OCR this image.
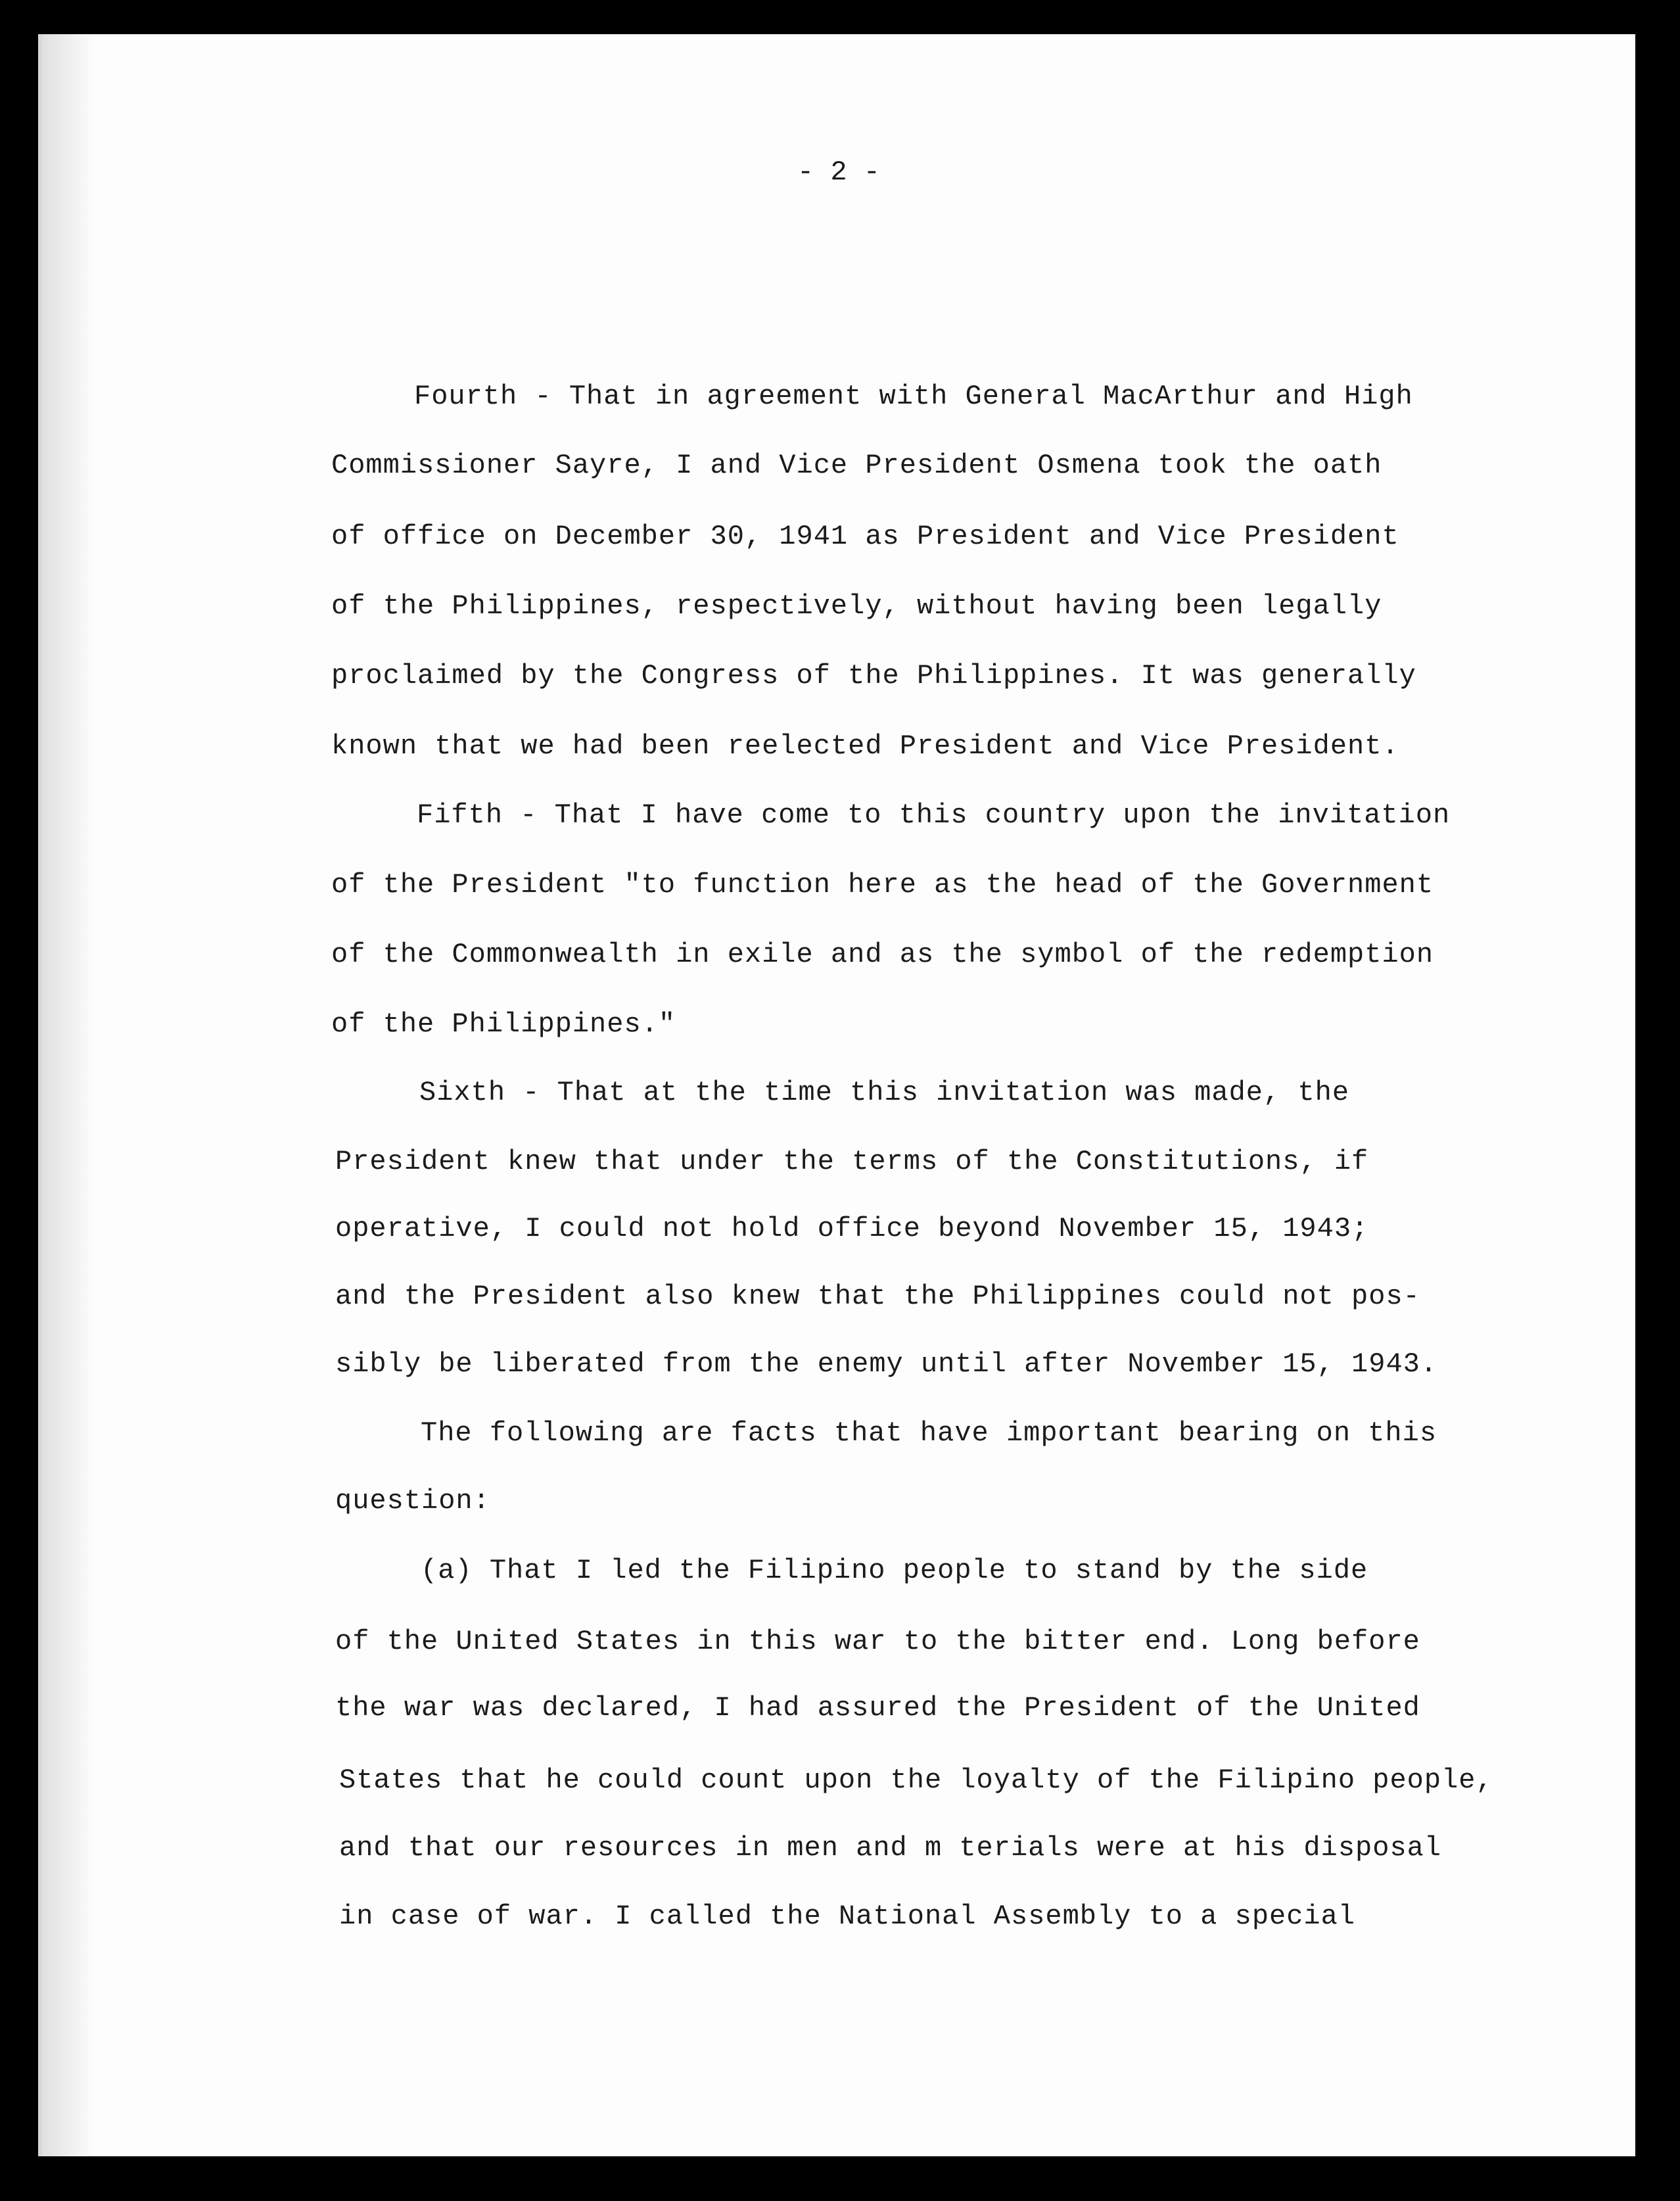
- 2 -
Fourth - That in agreement with General MacArthur and High
Commissioner Sayre, I and Vice President Osmena took the oath
of office on December 30, 1941 as President and Vice President
of the Philippines, respectively, without having been legally
proclaimed by the Congress of the Philippines. It was generally
known that we had been reelected President and Vice President.
Fifth - That I have come to this country upon the invitation
of the President "to function here as the head of the Government
of the Commonwealth in exile and as the symbol of the redemption
of the Philippines."
Sixth - That at the time this invitation was made, the
President knew that under the terms of the Constitutions, if
operative, I could not hold office beyond November 15, 1943;
and the President also knew that the Philippines could not pos-
sibly be liberated from the enemy until after November 15, 1943.
The following are facts that have important bearing on this
question:
(a) That I led the Filipino people to stand by the side
of the United States in this war to the bitter end. Long before
the war was declared, I had assured the President of the United
States that he could count upon the loyalty of the Filipino people,
and that our resources in men and m terials were at his disposal
in case of war. I called the National Assembly to a special
